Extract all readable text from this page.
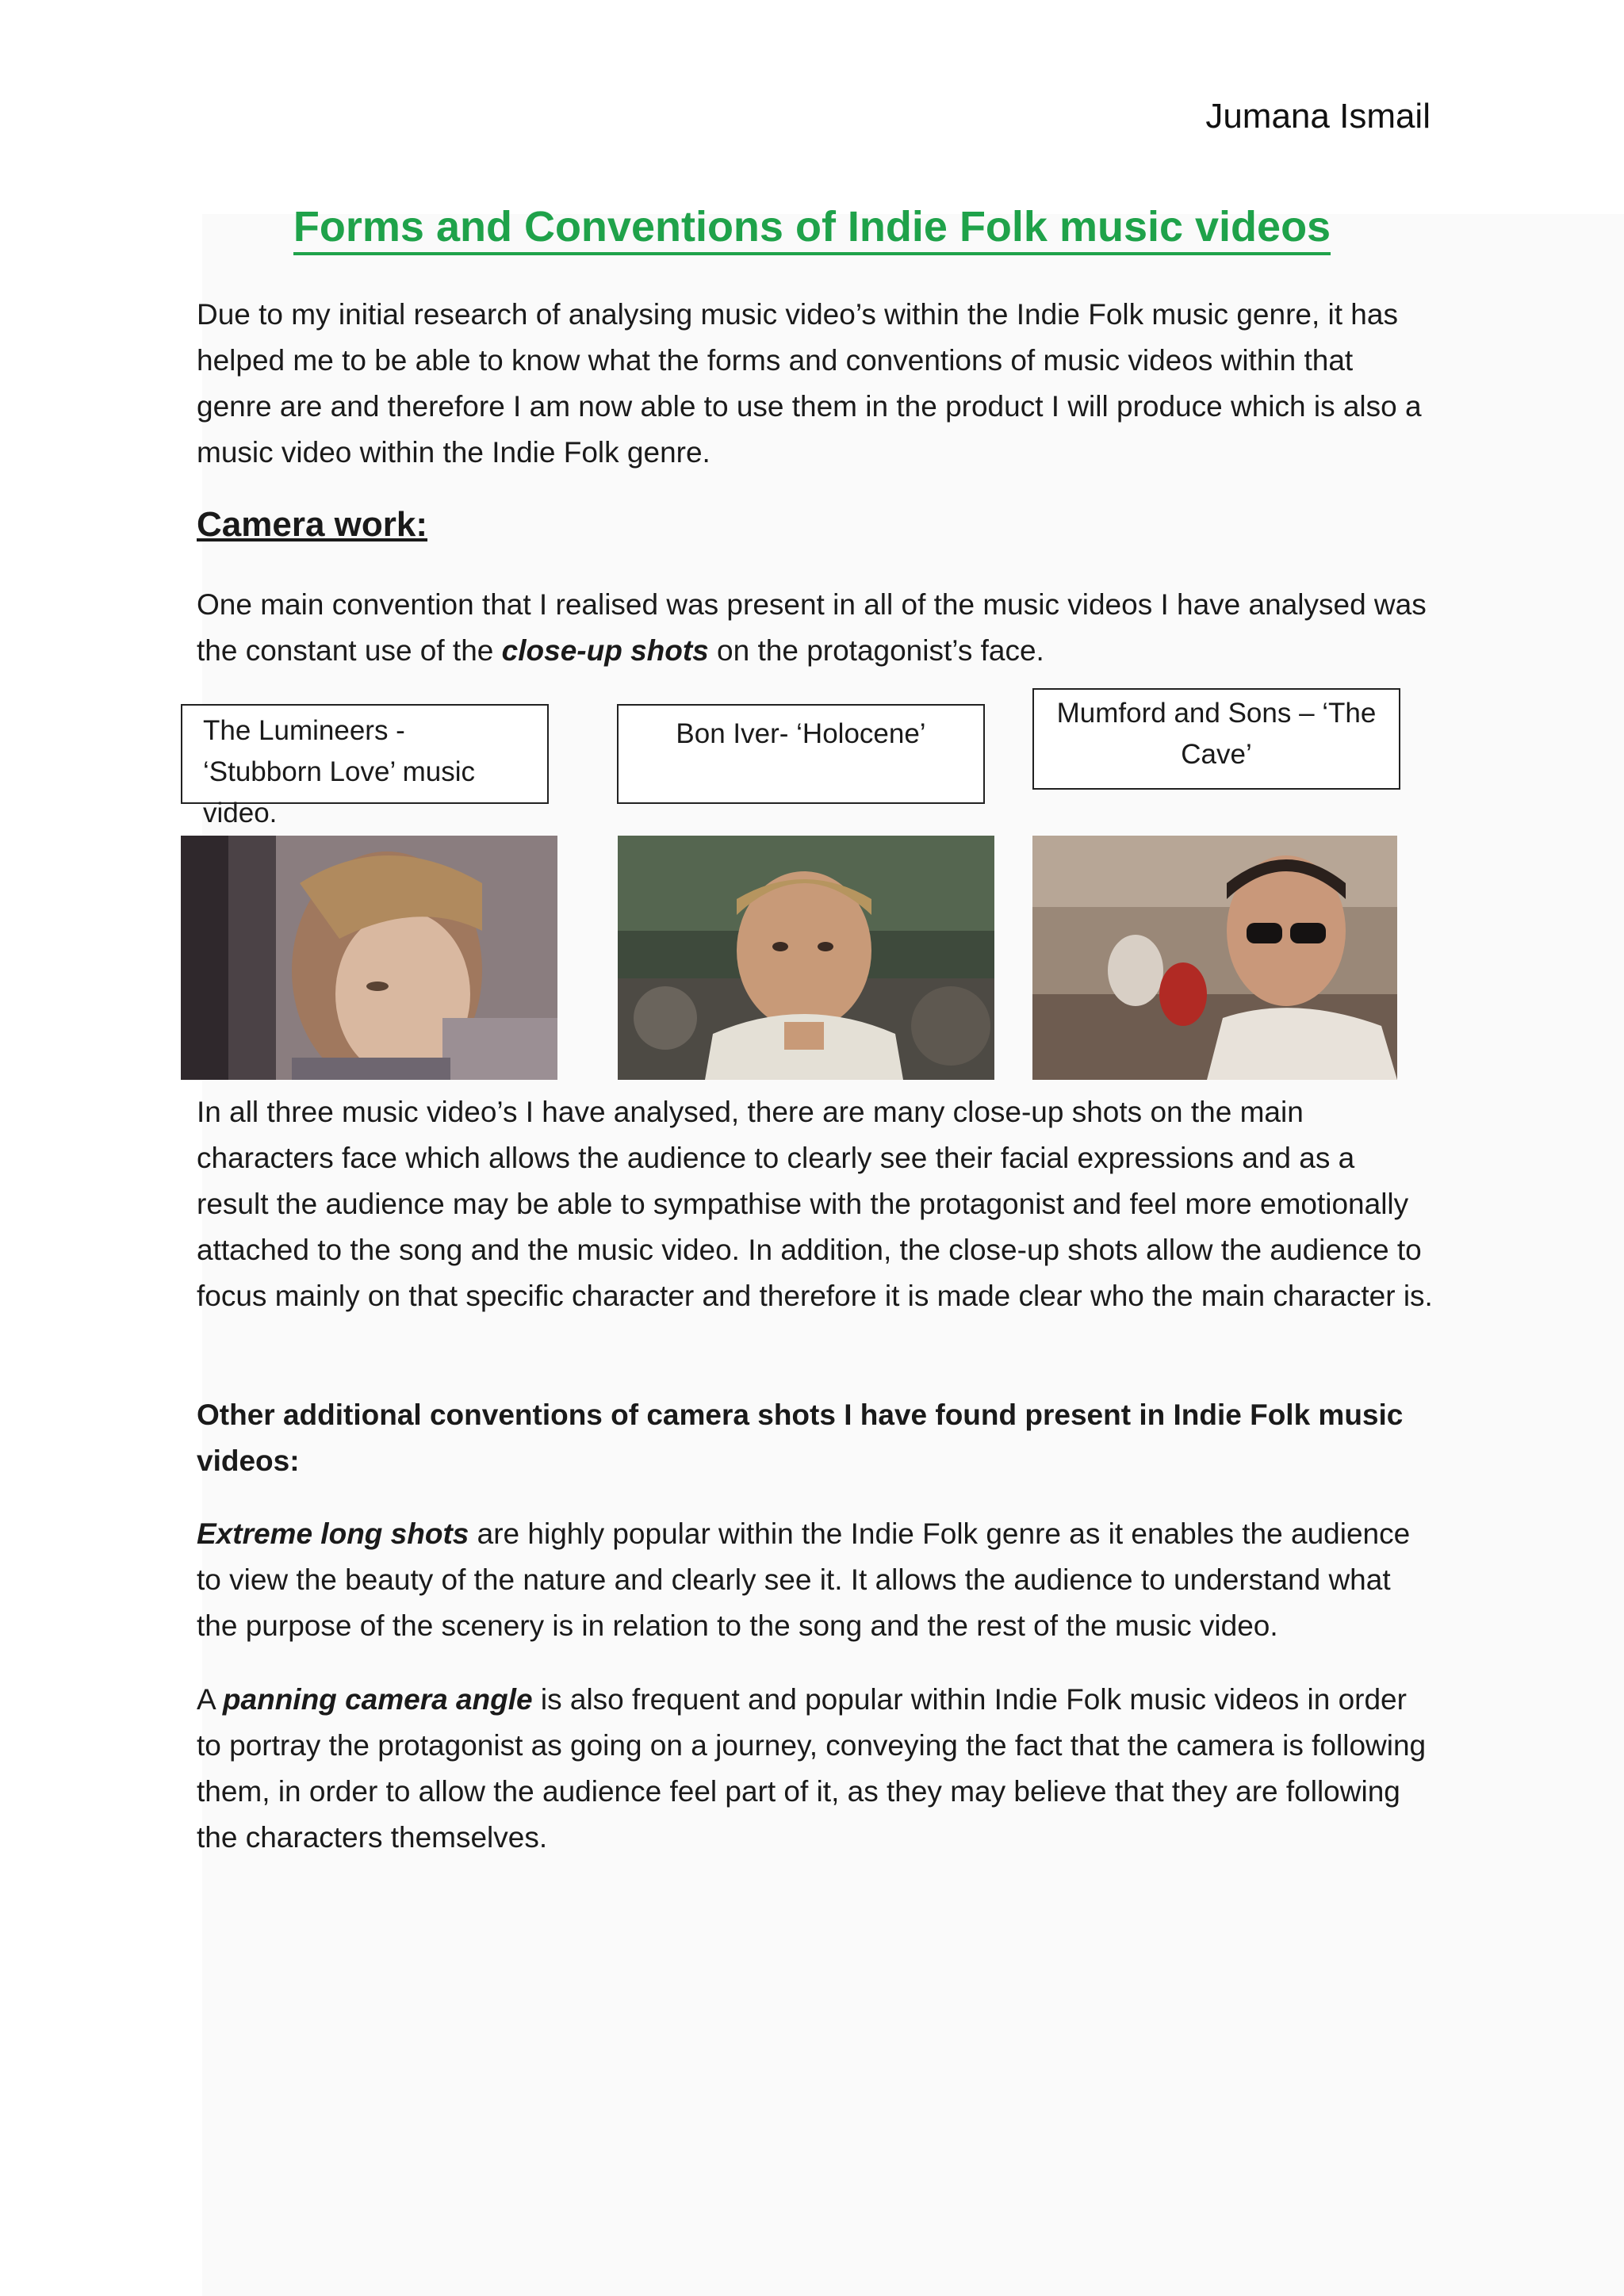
Jumana Ismail
Forms and Conventions of Indie Folk music videos

Due to my initial research of analysing music video’s within the Indie Folk music genre, it has helped me to be able to know what the forms and conventions of music videos within that genre are and therefore I am now able to use them in the product I will produce which is also a music video within the Indie Folk genre.

Camera work:

One main convention that I realised was present in all of the music videos I have analysed was the constant use of the close-up shots on the protagonist’s face.

The Lumineers - ‘Stubborn Love’ music video.
Bon Iver- ‘Holocene’
Mumford and Sons – ‘The Cave’

In all three music video’s I have analysed, there are many close-up shots on the main characters face which allows the audience to clearly see their facial expressions and as a result the audience may be able to sympathise with the protagonist and feel more emotionally attached to the song and the music video. In addition, the close-up shots allow the audience to focus mainly on that specific character and therefore it is made clear who the main character is.

Other additional conventions of camera shots I have found present in Indie Folk music videos:

Extreme long shots are highly popular within the Indie Folk genre as it enables the audience to view the beauty of the nature and clearly see it. It allows the audience to understand what the purpose of the scenery is in relation to the song and the rest of the music video.

A panning camera angle is also frequent and popular within Indie Folk music videos in order to portray the protagonist as going on a journey, conveying the fact that the camera is following them, in order to allow the audience feel part of it, as they may believe that they are following the characters themselves.
